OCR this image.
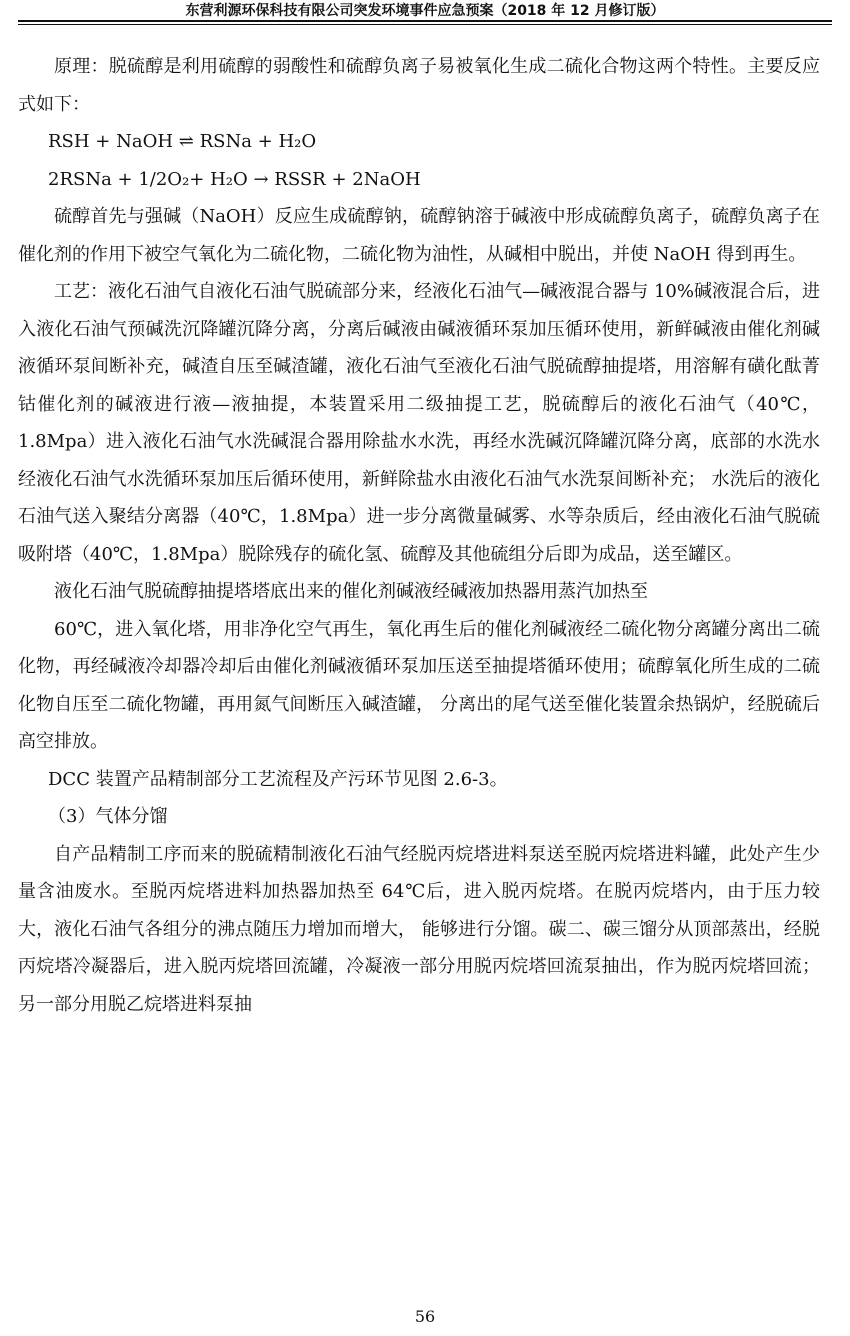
东营利源环保科技有限公司突发环境事件应急预案（2018 年 12 月修订版）

原理：脱硫醇是利用硫醇的弱酸性和硫醇负离子易被氧化生成二硫化合物这两个特性。主要反应式如下：

RSH + NaOH ⇌ RSNa + H₂O

2RSNa + 1/2O₂+ H₂O → RSSR + 2NaOH

硫醇首先与强碱（NaOH）反应生成硫醇钠，硫醇钠溶于碱液中形成硫醇负离子，硫醇负离子在催化剂的作用下被空气氧化为二硫化物，二硫化物为油性，从碱相中脱出，并使 NaOH 得到再生。

工艺：液化石油气自液化石油气脱硫部分来，经液化石油气—碱液混合器与 10%碱液混合后，进入液化石油气预碱洗沉降罐沉降分离，分离后碱液由碱液循环泵加压循环使用，新鲜碱液由催化剂碱液循环泵间断补充，碱渣自压至碱渣罐，液化石油气至液化石油气脱硫醇抽提塔，用溶解有磺化酞菁钴催化剂的碱液进行液—液抽提，本装置采用二级抽提工艺，脱硫醇后的液化石油气（40℃，1.8Mpa）进入液化石油气水洗碱混合器用除盐水水洗，再经水洗碱沉降罐沉降分离，底部的水洗水经液化石油气水洗循环泵加压后循环使用，新鲜除盐水由液化石油气水洗泵间断补充； 水洗后的液化石油气送入聚结分离器（40℃，1.8Mpa）进一步分离微量碱雾、水等杂质后，经由液化石油气脱硫吸附塔（40℃，1.8Mpa）脱除残存的硫化氢、硫醇及其他硫组分后即为成品，送至罐区。

液化石油气脱硫醇抽提塔塔底出来的催化剂碱液经碱液加热器用蒸汽加热至

60℃，进入氧化塔，用非净化空气再生，氧化再生后的催化剂碱液经二硫化物分离罐分离出二硫化物，再经碱液冷却器冷却后由催化剂碱液循环泵加压送至抽提塔循环使用；硫醇氧化所生成的二硫化物自压至二硫化物罐，再用氮气间断压入碱渣罐， 分离出的尾气送至催化装置余热锅炉，经脱硫后高空排放。

DCC 装置产品精制部分工艺流程及产污环节见图 2.6-3。

（3）气体分馏

自产品精制工序而来的脱硫精制液化石油气经脱丙烷塔进料泵送至脱丙烷塔进料罐，此处产生少量含油废水。至脱丙烷塔进料加热器加热至 64℃后，进入脱丙烷塔。在脱丙烷塔内，由于压力较大，液化石油气各组分的沸点随压力增加而增大， 能够进行分馏。碳二、碳三馏分从顶部蒸出，经脱丙烷塔冷凝器后，进入脱丙烷塔回流罐，冷凝液一部分用脱丙烷塔回流泵抽出，作为脱丙烷塔回流；另一部分用脱乙烷塔进料泵抽

56
